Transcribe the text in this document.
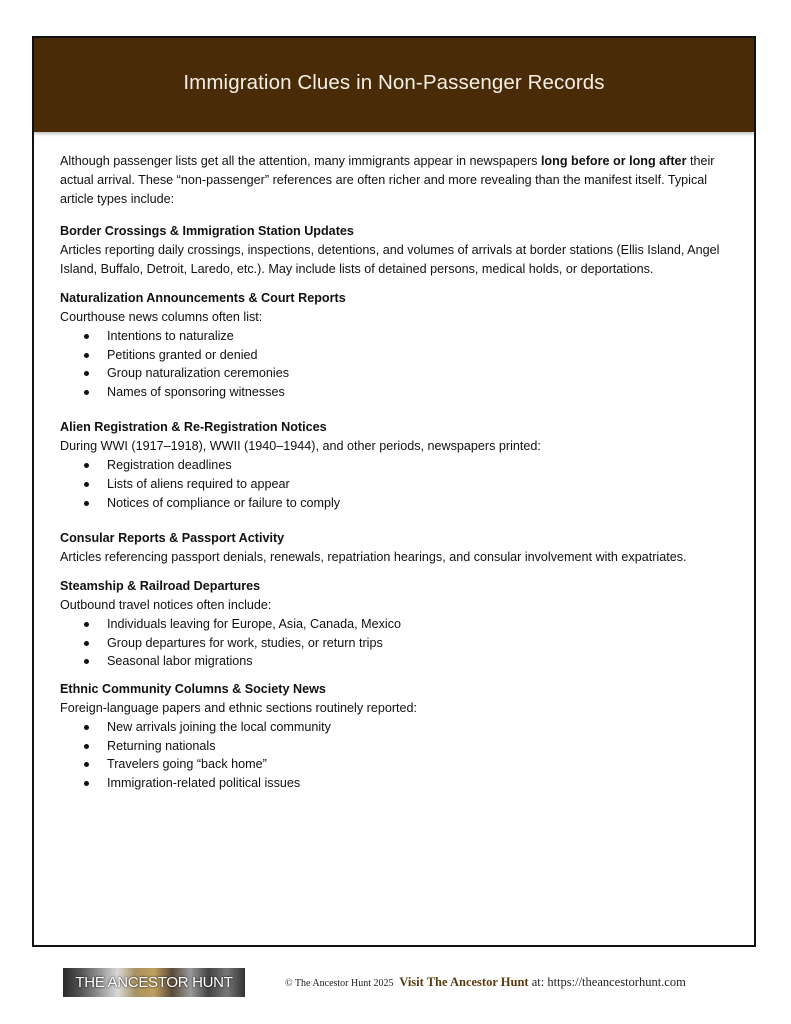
Immigration Clues in Non-Passenger Records

Although passenger lists get all the attention, many immigrants appear in newspapers long before or long after their actual arrival. These “non-passenger” references are often richer and more revealing than the manifest itself. Typical article types include:

Border Crossings & Immigration Station Updates

Articles reporting daily crossings, inspections, detentions, and volumes of arrivals at border stations (Ellis Island, Angel Island, Buffalo, Detroit, Laredo, etc.). May include lists of detained persons, medical holds, or deportations.

Naturalization Announcements & Court Reports

Courthouse news columns often list:

Intentions to naturalize
Petitions granted or denied
Group naturalization ceremonies
Names of sponsoring witnesses

Alien Registration & Re-Registration Notices

During WWI (1917–1918), WWII (1940–1944), and other periods, newspapers printed:

Registration deadlines
Lists of aliens required to appear
Notices of compliance or failure to comply

Consular Reports & Passport Activity

Articles referencing passport denials, renewals, repatriation hearings, and consular involvement with expatriates.

Steamship & Railroad Departures

Outbound travel notices often include:

Individuals leaving for Europe, Asia, Canada, Mexico
Group departures for work, studies, or return trips
Seasonal labor migrations

Ethnic Community Columns & Society News

Foreign-language papers and ethnic sections routinely reported:

New arrivals joining the local community
Returning nationals
Travelers going “back home”
Immigration-related political issues
THE ANCESTOR HUNT	© The Ancestor Hunt 2025 Visit The Ancestor Hunt at: https://theancestorhunt.com
